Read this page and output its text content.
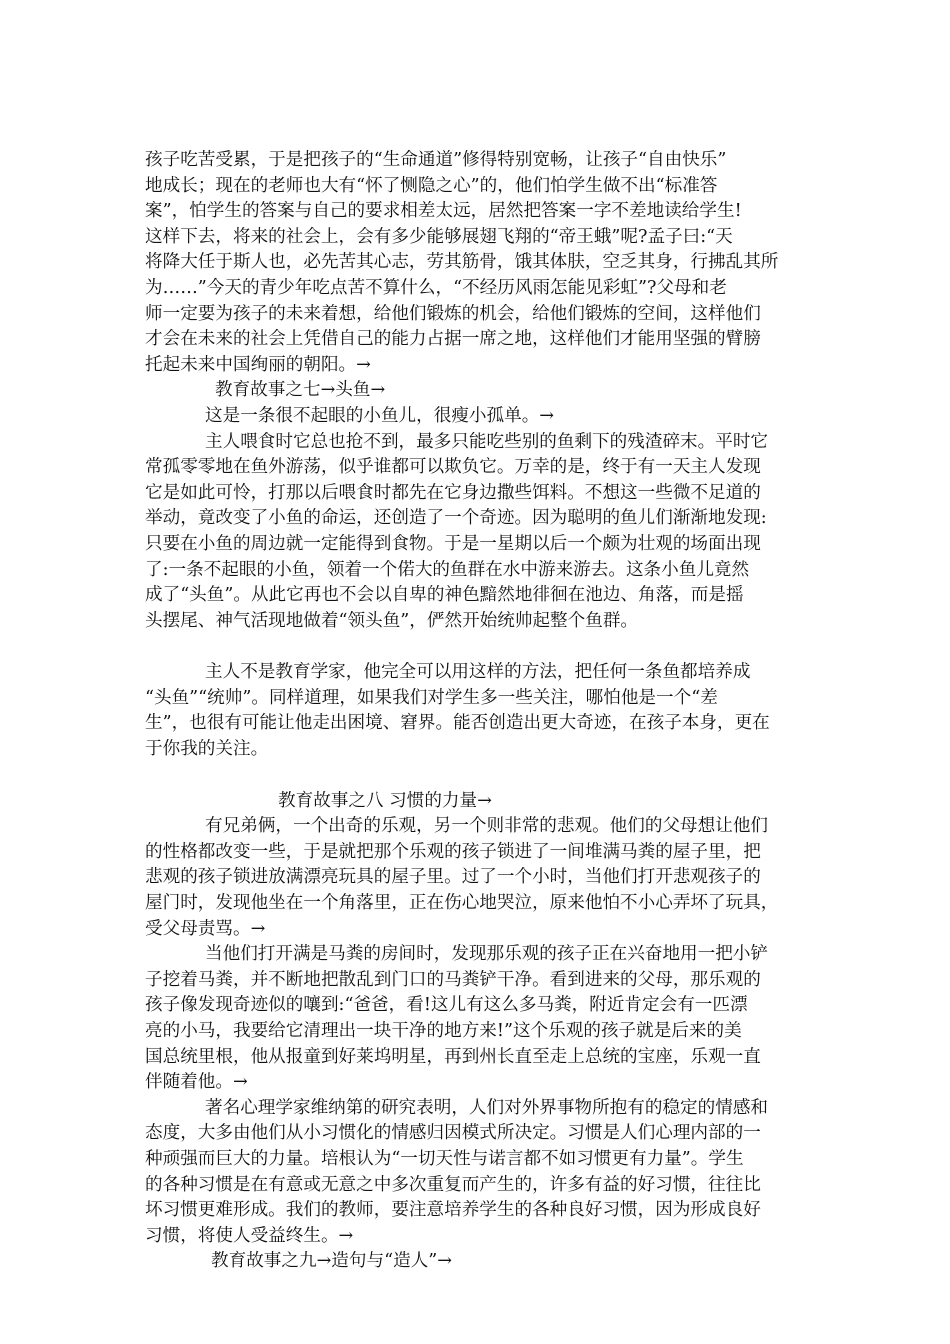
孩子吃苦受累，于是把孩子的“生命通道”修得特别宽畅，让孩子“自由快乐”
地成长；现在的老师也大有“怀了恻隐之心”的，他们怕学生做不出“标准答
案”，怕学生的答案与自己的要求相差太远，居然把答案一字不差地读给学生!
这样下去，将来的社会上，会有多少能够展翅飞翔的“帝王蛾”呢?孟子曰:“天
将降大任于斯人也，必先苦其心志，劳其筋骨，饿其体肤，空乏其身，行拂乱其所
为……”今天的青少年吃点苦不算什么，“不经历风雨怎能见彩虹”?父母和老
师一定要为孩子的未来着想，给他们锻炼的机会，给他们锻炼的空间，这样他们
才会在未来的社会上凭借自己的能力占据一席之地，这样他们才能用坚强的臂膀
托起未来中国绚丽的朝阳。→
教育故事之七→头鱼→
这是一条很不起眼的小鱼儿，很瘦小孤单。→
主人喂食时它总也抢不到，最多只能吃些别的鱼剩下的残渣碎末。平时它
常孤零零地在鱼外游荡，似乎谁都可以欺负它。万幸的是，终于有一天主人发现
它是如此可怜，打那以后喂食时都先在它身边撒些饵料。不想这一些微不足道的
举动，竟改变了小鱼的命运，还创造了一个奇迹。因为聪明的鱼儿们渐渐地发现:
只要在小鱼的周边就一定能得到食物。于是一星期以后一个颇为壮观的场面出现
了:一条不起眼的小鱼，领着一个偌大的鱼群在水中游来游去。这条小鱼儿竟然
成了“头鱼”。从此它再也不会以自卑的神色黯然地徘徊在池边、角落，而是摇
头摆尾、神气活现地做着“领头鱼”，俨然开始统帅起整个鱼群。
主人不是教育学家，他完全可以用这样的方法，把任何一条鱼都培养成
“头鱼”“统帅”。同样道理，如果我们对学生多一些关注，哪怕他是一个“差
生”，也很有可能让他走出困境、窘界。能否创造出更大奇迹，在孩子本身，更在
于你我的关注。
教育故事之八 习惯的力量→
有兄弟俩，一个出奇的乐观，另一个则非常的悲观。他们的父母想让他们
的性格都改变一些，于是就把那个乐观的孩子锁进了一间堆满马粪的屋子里，把
悲观的孩子锁进放满漂亮玩具的屋子里。过了一个小时，当他们打开悲观孩子的
屋门时，发现他坐在一个角落里，正在伤心地哭泣，原来他怕不小心弄坏了玩具，
受父母责骂。→
当他们打开满是马粪的房间时，发现那乐观的孩子正在兴奋地用一把小铲
子挖着马粪，并不断地把散乱到门口的马粪铲干净。看到进来的父母，那乐观的
孩子像发现奇迹似的嚷到:“爸爸，看!这儿有这么多马粪，附近肯定会有一匹漂
亮的小马，我要给它清理出一块干净的地方来!”这个乐观的孩子就是后来的美
国总统里根，他从报童到好莱坞明星，再到州长直至走上总统的宝座，乐观一直
伴随着他。→
著名心理学家维纳第的研究表明，人们对外界事物所抱有的稳定的情感和
态度，大多由他们从小习惯化的情感归因模式所决定。习惯是人们心理内部的一
种顽强而巨大的力量。培根认为“一切天性与诺言都不如习惯更有力量”。学生
的各种习惯是在有意或无意之中多次重复而产生的，许多有益的好习惯，往往比
坏习惯更难形成。我们的教师，要注意培养学生的各种良好习惯，因为形成良好
习惯，将使人受益终生。→
教育故事之九→造句与“造人”→
